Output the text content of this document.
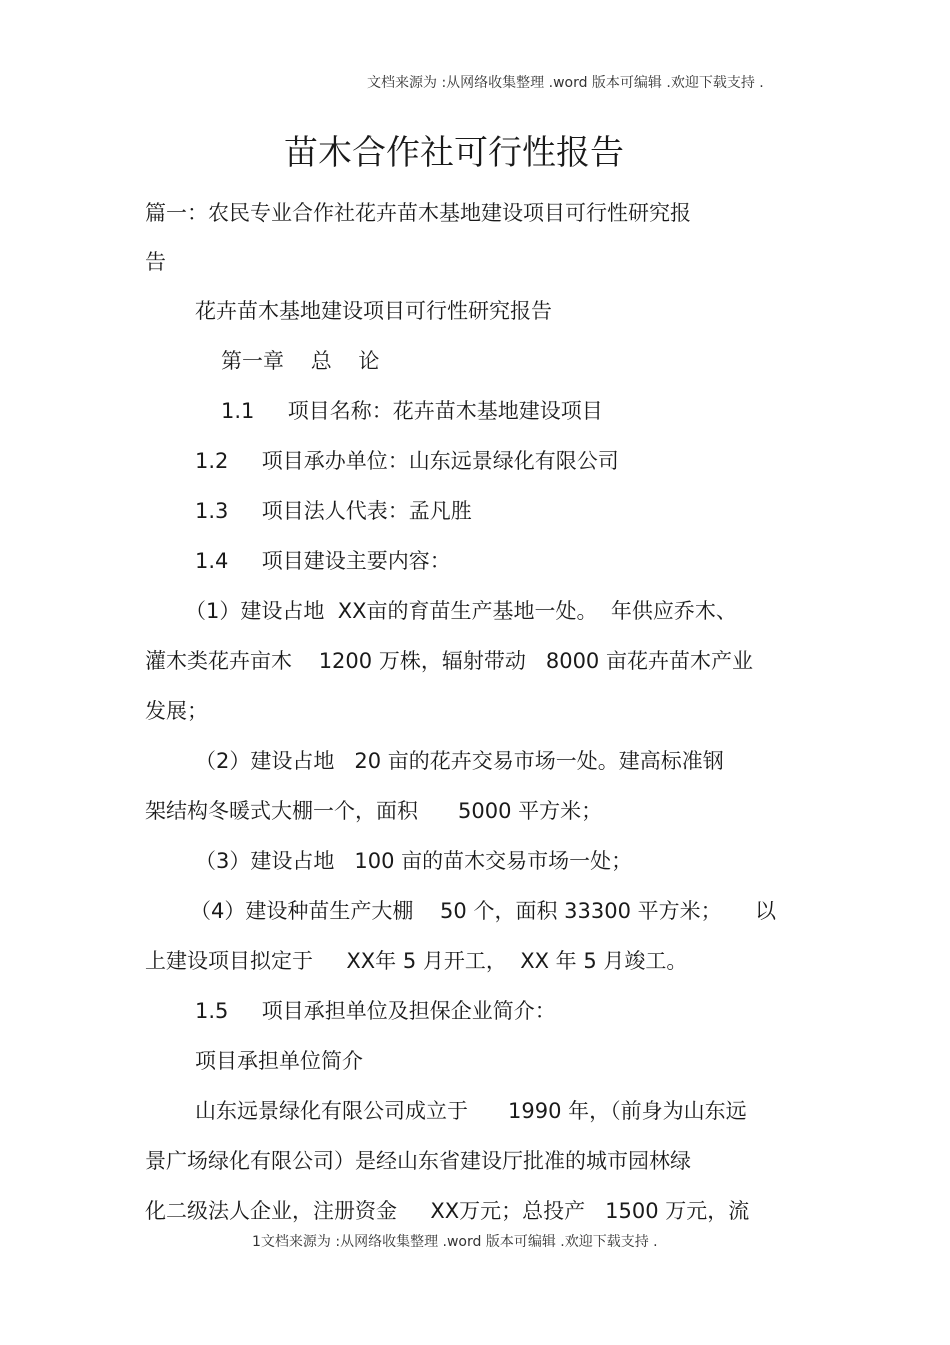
文档来源为 :从网络收集整理 .word 版本可编辑 .欢迎下载支持 .
苗木合作社可行性报告
篇一：农民专业合作社花卉苗木基地建设项目可行性研究报
告
花卉苗木基地建设项目可行性研究报告
第一章    总    论
1.1     项目名称：花卉苗木基地建设项目
1.2     项目承办单位：山东远景绿化有限公司
1.3     项目法人代表：孟凡胜
1.4     项目建设主要内容：
（1）建设占地  XX亩的育苗生产基地一处。  年供应乔木、
灌木类花卉亩木    1200 万株，辐射带动   8000 亩花卉苗木产业
发展；
（2）建设占地   20 亩的花卉交易市场一处。建高标准钢
架结构冬暖式大棚一个，面积      5000 平方米；
（3）建设占地   100 亩的苗木交易市场一处；
（4）建设种苗生产大棚    50 个，面积 33300 平方米；     以
上建设项目拟定于     XX年 5 月开工，  XX 年 5 月竣工。
1.5     项目承担单位及担保企业简介：
项目承担单位简介
山东远景绿化有限公司成立于      1990 年，（前身为山东远
景广场绿化有限公司）是经山东省建设厅批准的城市园林绿
化二级法人企业，注册资金     XX万元；总投产   1500 万元，流
1文档来源为 :从网络收集整理 .word 版本可编辑 .欢迎下载支持 .
